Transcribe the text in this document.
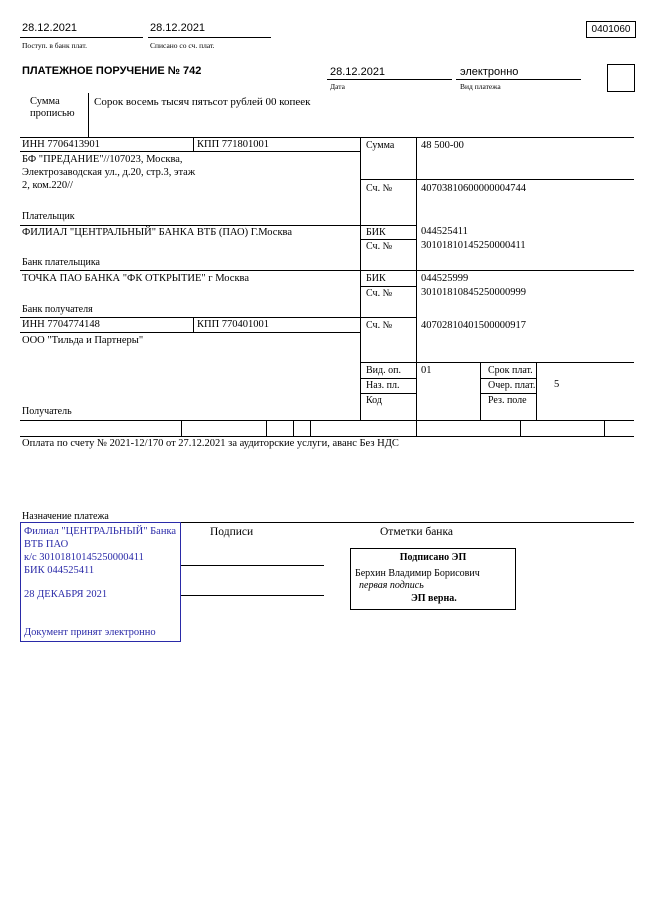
28.12.2021
Поступ. в банк плат.
28.12.2021
Списано со сч. плат.
0401060
ПЛАТЕЖНОЕ ПОРУЧЕНИЕ № 742	28.12.2021
Дата
электронно
Вид платежа
Сумма
прописью
Сорок восемь тысяч пятьсот рублей 00 копеек
ИНН 7706413901	КПП 771801001
БФ "ПРЕДАНИЕ"//107023, Москва,
Электрозаводская ул., д.20, стр.3, этаж
2, ком.220//
Плательщик
Сумма	48 500-00
Сч. №	40703810600000004744
ФИЛИАЛ "ЦЕНТРАЛЬНЫЙ" БАНКА ВТБ (ПАО) Г.Москва
Банк плательщика
БИК	044525411
Сч. №	30101810145250000411
ТОЧКА ПАО БАНКА "ФК ОТКРЫТИЕ" г Москва
Банк получателя
БИК	044525999
Сч. №	30101810845250000999
ИНН 7704774148	КПП 770401001
ООО "Тильда и Партнеры"
Получатель
Сч. №	40702810401500000917
Вид. оп. 01
Наз. пл.
Код
Срок плат.
Очер. плат. 5
Рез. поле
Оплата по счету № 2021-12/170 от 27.12.2021 за аудиторские услуги, аванс Без НДС
Назначение платежа
Подписи	Отметки банка
Филиал "ЦЕНТРАЛЬНЫЙ" Банка
ВТБ ПАО
к/с 30101810145250000411
БИК 044525411
28 ДЕКАБРЯ 2021
Документ принят электронно
Подписано ЭП
Берхин Владимир Борисович
первая подпись
ЭП верна.
